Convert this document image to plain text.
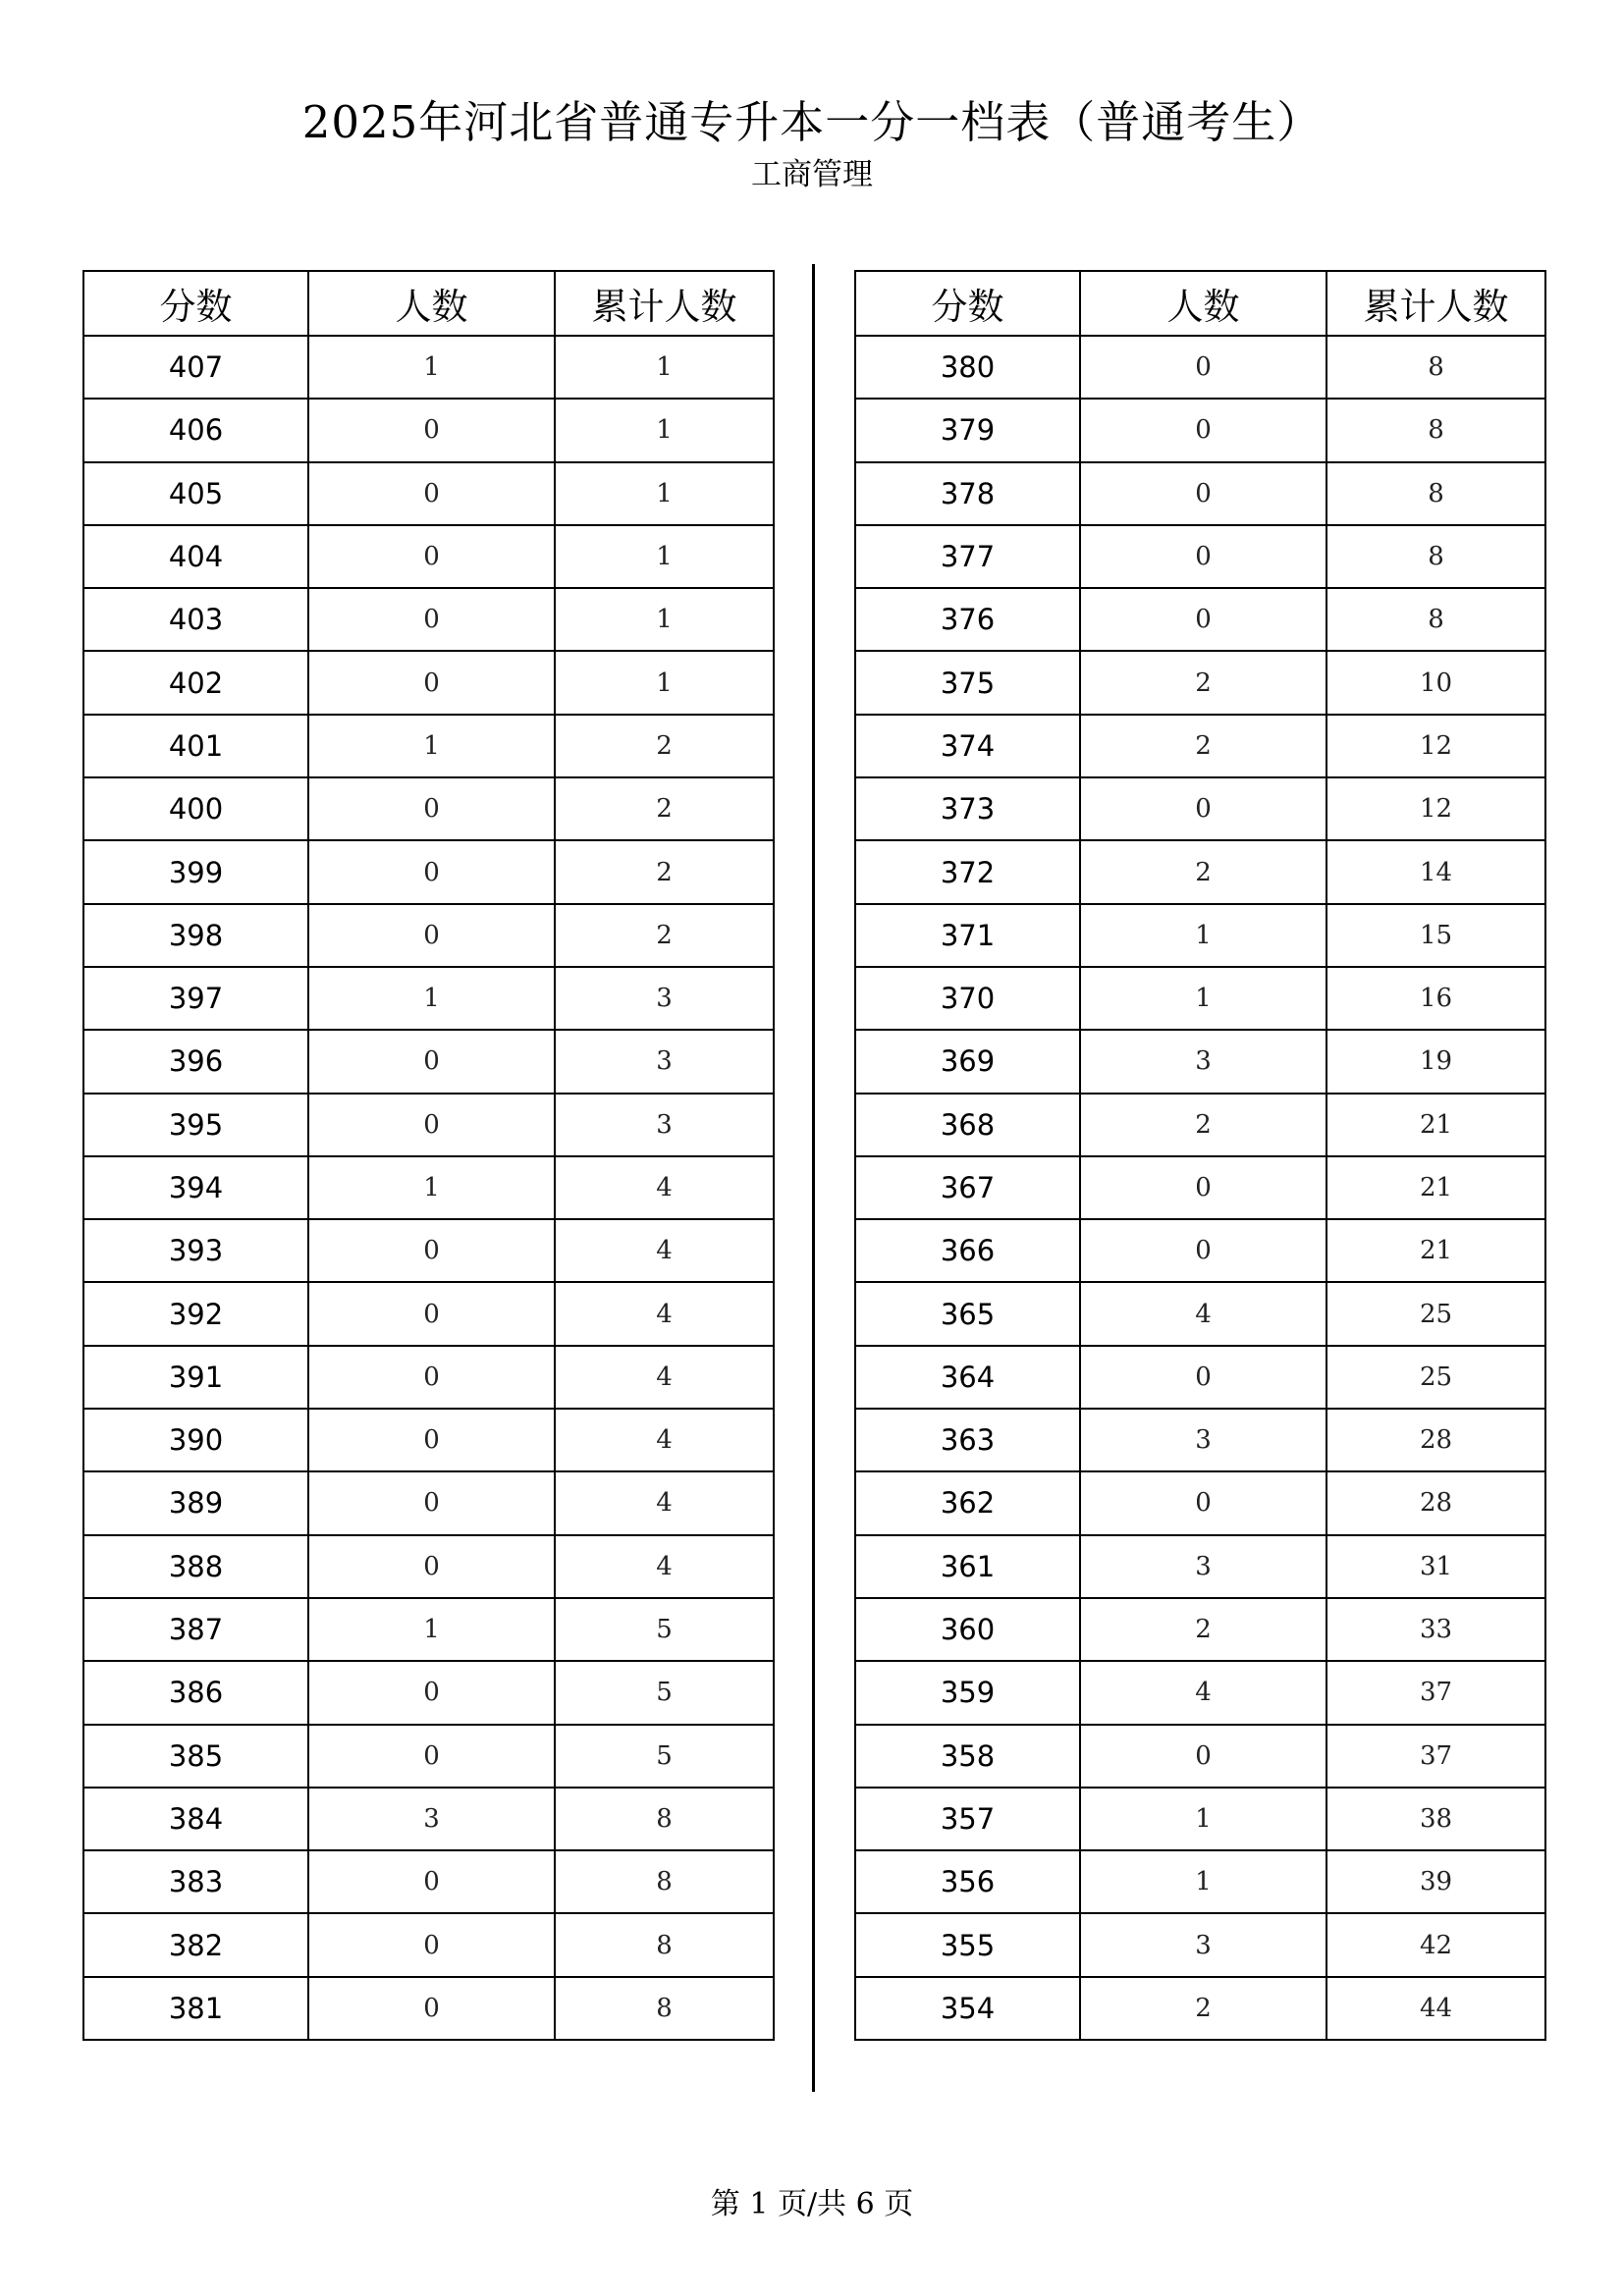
2025年河北省普通专升本一分一档表（普通考生）
工商管理
分数	人数	累计人数
407	1	1
406	0	1
405	0	1
404	0	1
403	0	1
402	0	1
401	1	2
400	0	2
399	0	2
398	0	2
397	1	3
396	0	3
395	0	3
394	1	4
393	0	4
392	0	4
391	0	4
390	0	4
389	0	4
388	0	4
387	1	5
386	0	5
385	0	5
384	3	8
383	0	8
382	0	8
381	0	8
分数	人数	累计人数
380	0	8
379	0	8
378	0	8
377	0	8
376	0	8
375	2	10
374	2	12
373	0	12
372	2	14
371	1	15
370	1	16
369	3	19
368	2	21
367	0	21
366	0	21
365	4	25
364	0	25
363	3	28
362	0	28
361	3	31
360	2	33
359	4	37
358	0	37
357	1	38
356	1	39
355	3	42
354	2	44
第 1 页/共 6 页
